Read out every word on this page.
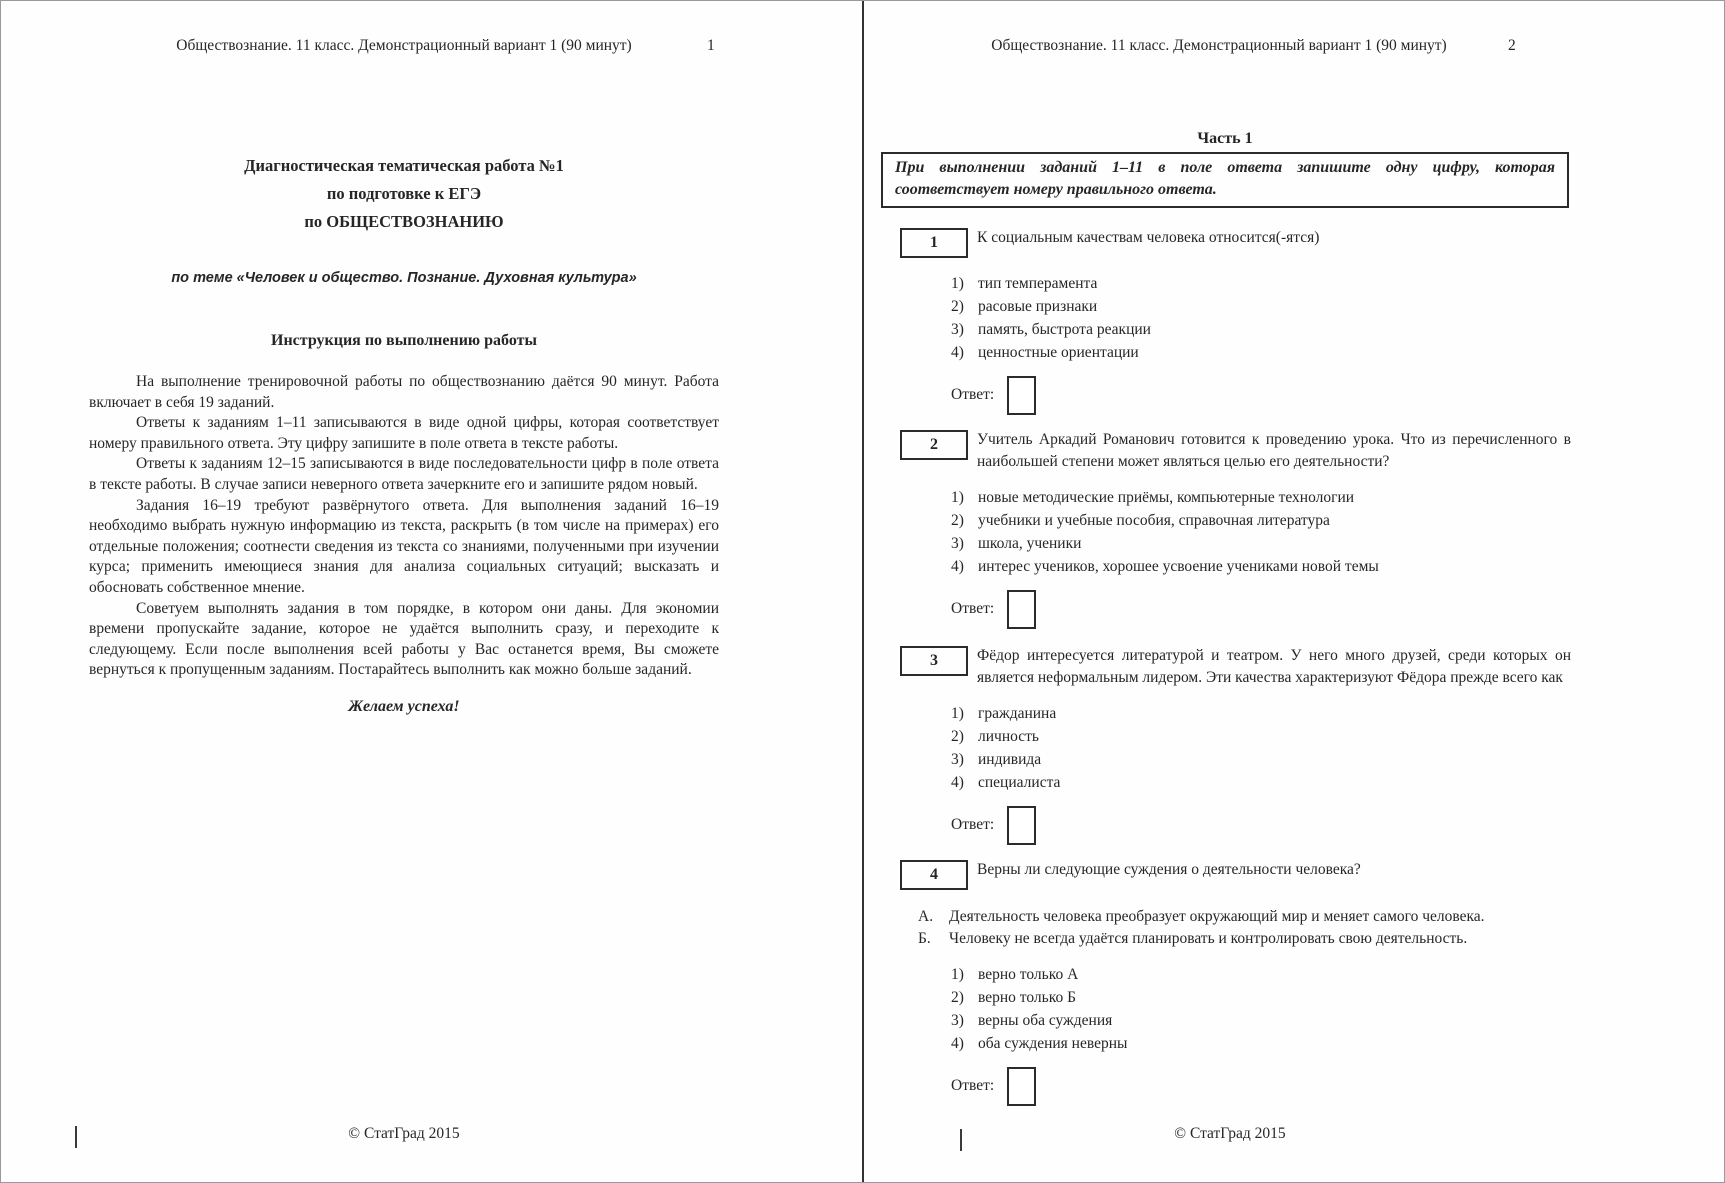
Обществознание. 11 класс. Демонстрационный вариант 1 (90 минут)	1
Диагностическая тематическая работа №1
по подготовке к ЕГЭ
по ОБЩЕСТВОЗНАНИЮ
по теме «Человек и общество. Познание. Духовная культура»
Инструкция по выполнению работы

На выполнение тренировочной работы по обществознанию даётся 90 минут. Работа включает в себя 19 заданий.

Ответы к заданиям 1–11 записываются в виде одной цифры, которая соответствует номеру правильного ответа. Эту цифру запишите в поле ответа в тексте работы.

Ответы к заданиям 12–15 записываются в виде последовательности цифр в поле ответа в тексте работы. В случае записи неверного ответа зачеркните его и запишите рядом новый.

Задания 16–19 требуют развёрнутого ответа. Для выполнения заданий 16–19 необходимо выбрать нужную информацию из текста, раскрыть (в том числе на примерах) его отдельные положения; соотнести сведения из текста со знаниями, полученными при изучении курса; применить имеющиеся знания для анализа социальных ситуаций; высказать и обосновать собственное мнение.

Советуем выполнять задания в том порядке, в котором они даны. Для экономии времени пропускайте задание, которое не удаётся выполнить сразу, и переходите к следующему. Если после выполнения всей работы у Вас останется время, Вы сможете вернуться к пропущенным заданиям. Постарайтесь выполнить как можно больше заданий.

Желаем успеха!
© СтатГрад 2015
Обществознание. 11 класс. Демонстрационный вариант 1 (90 минут)	2
Часть 1
При выполнении заданий 1–11 в поле ответа запишите одну цифру, которая соответствует номеру правильного ответа.
1	К социальным качествам человека относится(-ятся)
1) тип темперамента
2) расовые признаки
3) память, быстрота реакции
4) ценностные ориентации
Ответ:
2	Учитель Аркадий Романович готовится к проведению урока. Что из перечисленного в наибольшей степени может являться целью его деятельности?
1) новые методические приёмы, компьютерные технологии
2) учебники и учебные пособия, справочная литература
3) школа, ученики
4) интерес учеников, хорошее усвоение учениками новой темы
Ответ:
3	Фёдор интересуется литературой и театром. У него много друзей, среди которых он является неформальным лидером. Эти качества характеризуют Фёдора прежде всего как
1) гражданина
2) личность
3) индивида
4) специалиста
Ответ:
4	Верны ли следующие суждения о деятельности человека?
А.	Деятельность человека преобразует окружающий мир и меняет самого человека.
Б.	Человеку не всегда удаётся планировать и контролировать свою деятельность.
1) верно только А
2) верно только Б
3) верны оба суждения
4) оба суждения неверны
Ответ:
© СтатГрад 2015
